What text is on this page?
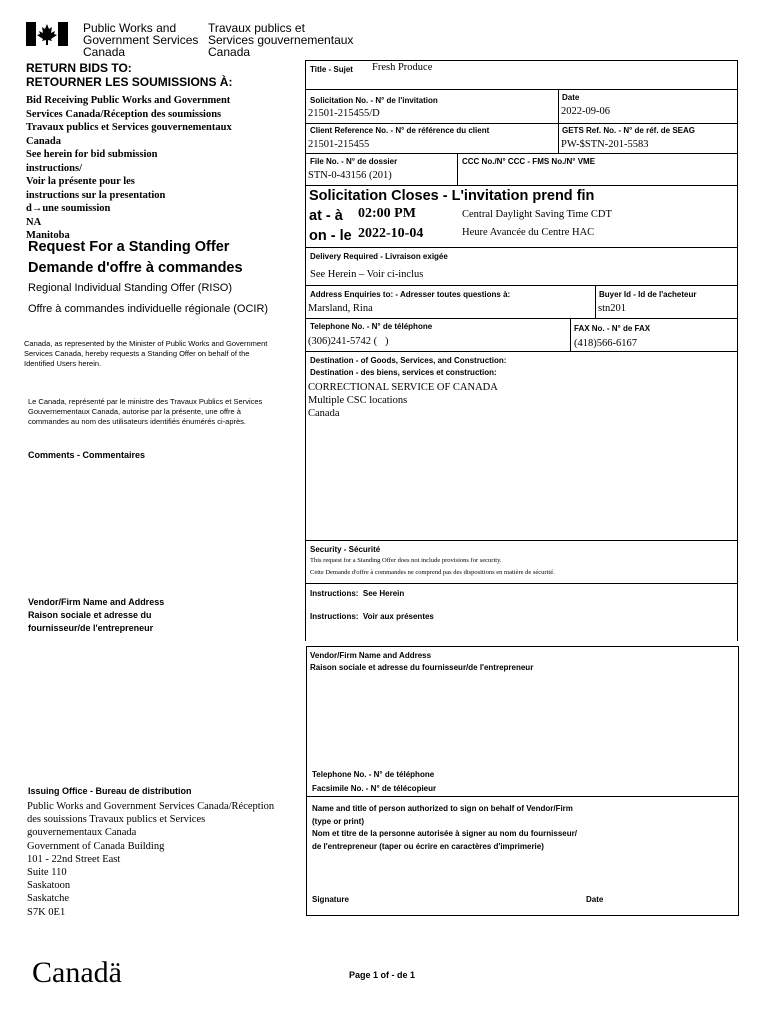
Public Works and
Government Services
Canada
Travaux publics et
Services gouvernementaux
Canada
RETURN BIDS TO:
RETOURNER LES SOUMISSIONS À:
Bid Receiving Public Works and Government
Services Canada/Réception des soumissions
Travaux publics et Services gouvernementaux
Canada
See herein for bid submission
instructions/
Voir la présente pour les
instructions sur la presentation
d→une soumission
NA
Manitoba
Request For a Standing Offer
Demande d'offre à commandes
Regional Individual Standing Offer (RISO)
Offre à commandes individuelle régionale (OCIR)
Canada, as represented by the Minister of Public Works and Government Services Canada, hereby requests a Standing Offer on behalf of the Identified Users herein.
Le Canada, représenté par le ministre des Travaux Publics et Services Gouvernementaux Canada, autorise par la présente, une offre à commandes au nom des utilisateurs identifiés énumérés ci-après.
Comments - Commentaires
Vendor/Firm Name and Address
Raison sociale et adresse du
fournisseur/de l'entrepreneur
Issuing Office - Bureau de distribution
Public Works and Government Services Canada/Réception
des souissions Travaux publics et Services
gouvernementaux Canada
Government of Canada Building
101 - 22nd Street East
Suite 110
Saskatoon
Saskatche
S7K 0E1
Title - Sujet Fresh Produce
Solicitation No. - N° de l'invitation
21501-215455/D
Date
2022-09-06
Client Reference No. - N° de référence du client
21501-215455
GETS Ref. No. - N° de réf. de SEAG
PW-$STN-201-5583
File No. - N° de dossier
STN-0-43156 (201)
CCC No./N° CCC - FMS No./N° VME
Solicitation Closes - L'invitation prend fin
at - à 02:00 PM
on - le 2022-10-04
Central Daylight Saving Time CDT
Heure Avancée du Centre HAC
Delivery Required - Livraison exigée
See Herein – Voir ci-inclus
Address Enquiries to: - Adresser toutes questions à:
Marsland, Rina
Buyer Id - Id de l'acheteur
stn201
Telephone No. - N° de téléphone
(306)241-5742 (   )
FAX No. - N° de FAX
(418)566-6167
Destination - of Goods, Services, and Construction:
Destination - des biens, services et construction:
CORRECTIONAL SERVICE OF CANADA
Multiple CSC locations
Canada
Security - Sécurité
This request for a Standing Offer does not include provisions for security.
Cette Demande d'offre à commandes ne comprend pas des dispositions en matière de sécurité.
Instructions:  See Herein
Instructions:  Voir aux présentes
Vendor/Firm Name and Address
Raison sociale et adresse du fournisseur/de l'entrepreneur
Telephone No. - N° de téléphone
Facsimile No. - N° de télécopieur
Name and title of person authorized to sign on behalf of Vendor/Firm
(type or print)
Nom et titre de la personne autorisée à signer au nom du fournisseur/
de l'entrepreneur (taper ou écrire en caractères d'imprimerie)
Signature	Date
Canadä	Page 1 of - de 1
